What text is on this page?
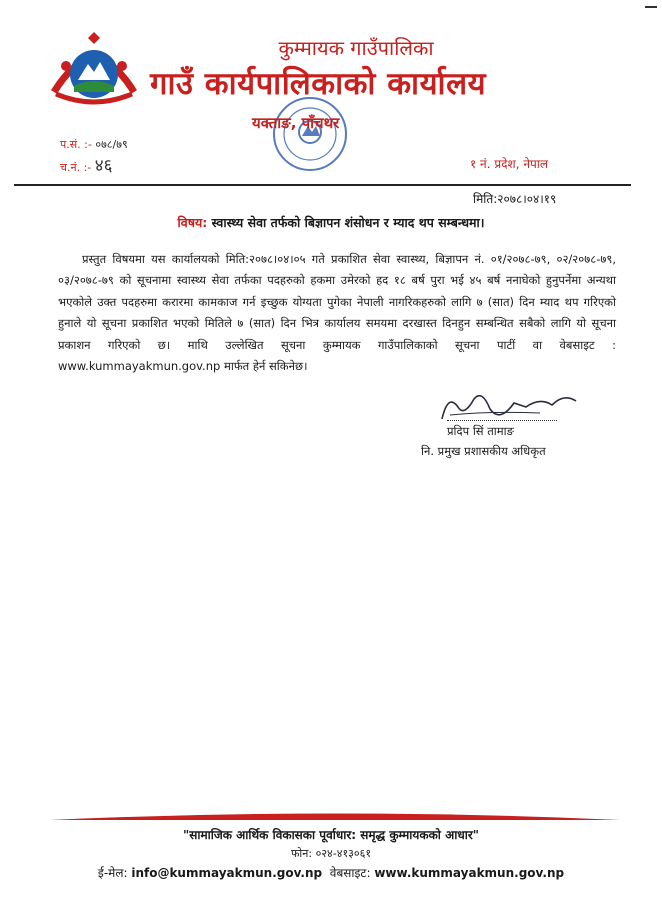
कुम्मायक गाउँपालिका
गाउँ कार्यपालिकाको कार्यालय
यक्ताङ, पाँचथर
प.सं. :- ०७८/७९
च.नं. :- ४६	१ नं. प्रदेश, नेपाल
मिति:२०७८।०४।१९
विषय: स्वास्थ्य सेवा तर्फको बिज्ञापन शंसोधन र म्याद थप सम्बन्धमा।
प्रस्तुत विषयमा यस कार्यालयको मिति:२०७८।०४।०५ गते प्रकाशित सेवा स्वास्थ्य, बिज्ञापन नं. ०१/२०७८-७९, ०२/२०७८-७९, ०३/२०७८-७९ को सूचनामा स्वास्थ्य सेवा तर्फका पदहरुको हकमा उमेरको हद १८ बर्ष पुरा भई ४५ बर्ष ननाघेको हुनुपर्नेमा अन्यथा भएकोले उक्त पदहरुमा करारमा कामकाज गर्न इच्छुक योग्यता पुगेका नेपाली नागरिकहरुको लागि ७ (सात) दिन म्याद थप गरिएको हुनाले यो सूचना प्रकाशित भएको मितिले ७ (सात) दिन भित्र कार्यालय समयमा दरखास्त दिनहुन सम्बन्धित सबैको लागि यो सूचना प्रकाशन गरिएको छ। माथि उल्लेखित सूचना कुम्मायक गाउँपालिकाको सूचना पाटीं वा वेबसाइट : www.kummayakmun.gov.np मार्फत हेर्न सकिनेछ।
प्रदिप सिं तामाङ
नि. प्रमुख प्रशासकीय अधिकृत
"सामाजिक आर्थिक विकासका पूर्वाधार: समृद्ध कुम्मायकको आधार"
फोन: ०२४-४१३०६१
ई-मेल: info@kummayakmun.gov.np वेबसाइट: www.kummayakmun.gov.np
